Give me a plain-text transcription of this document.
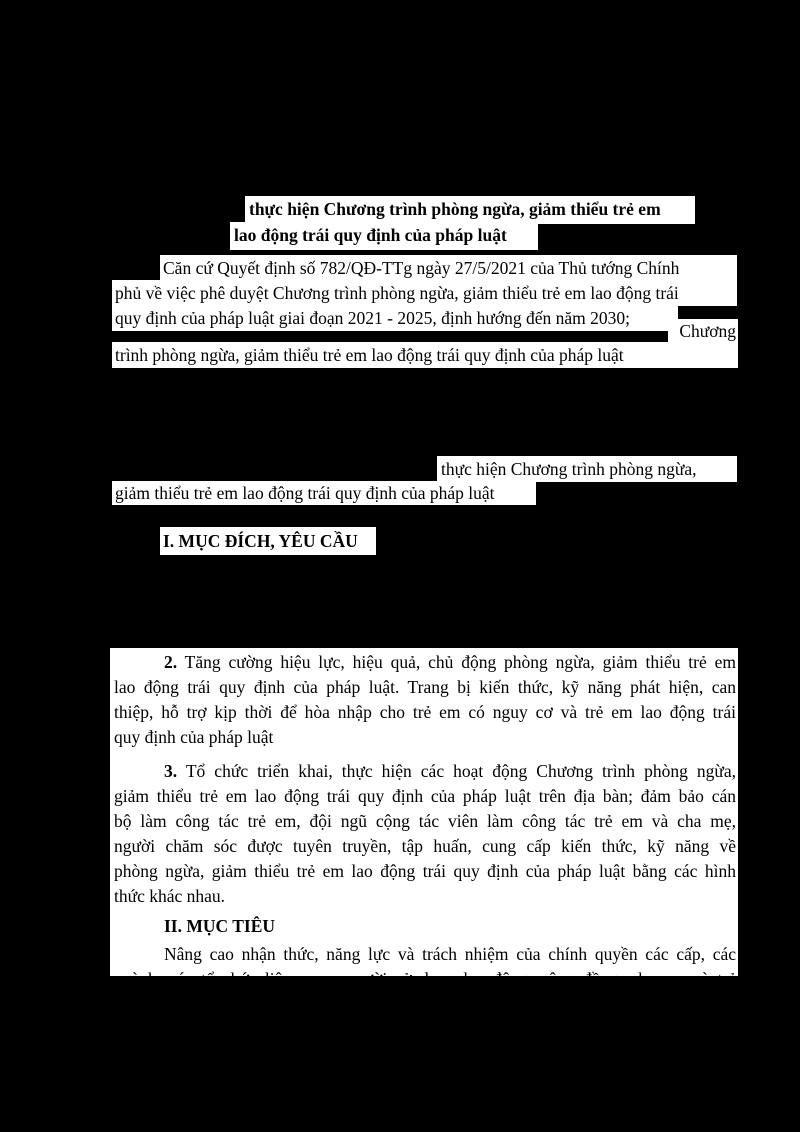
thực hiện Chương trình phòng ngừa, giảm thiểu trẻ em
lao động trái quy định của pháp luật
Căn cứ Quyết định số 782/QĐ-TTg ngày 27/5/2021 của Thủ tướng Chính
phủ về việc phê duyệt Chương trình phòng ngừa, giảm thiểu trẻ em lao động trái
quy định của pháp luật giai đoạn 2021 - 2025, định hướng đến năm 2030;
Chương
trình phòng ngừa, giảm thiểu trẻ em lao động trái quy định của pháp luật
thực hiện Chương trình phòng ngừa,
giảm thiểu trẻ em lao động trái quy định của pháp luật
I. MỤC ĐÍCH, YÊU CẦU
2. Tăng cường hiệu lực, hiệu quả, chủ động phòng ngừa, giảm thiểu trẻ em
lao động trái quy định của pháp luật. Trang bị kiến thức, kỹ năng phát hiện, can
thiệp, hỗ trợ kịp thời để hòa nhập cho trẻ em có nguy cơ và trẻ em lao động trái
quy định của pháp luật
3. Tổ chức triển khai, thực hiện các hoạt động Chương trình phòng ngừa,
giảm thiểu trẻ em lao động trái quy định của pháp luật trên địa bàn; đảm bảo cán
bộ làm công tác trẻ em, đội ngũ cộng tác viên làm công tác trẻ em và cha mẹ,
người chăm sóc được tuyên truyền, tập huấn, cung cấp kiến thức, kỹ năng về
phòng ngừa, giảm thiểu trẻ em lao động trái quy định của pháp luật bằng các hình
thức khác nhau.
II. MỤC TIÊU
Nâng cao nhận thức, năng lực và trách nhiệm của chính quyền các cấp, các
ngành, các tổ chức liên quan, người sử dụng lao động, cộng đồng, cha mẹ và trẻ
em về lao động trẻ em:
